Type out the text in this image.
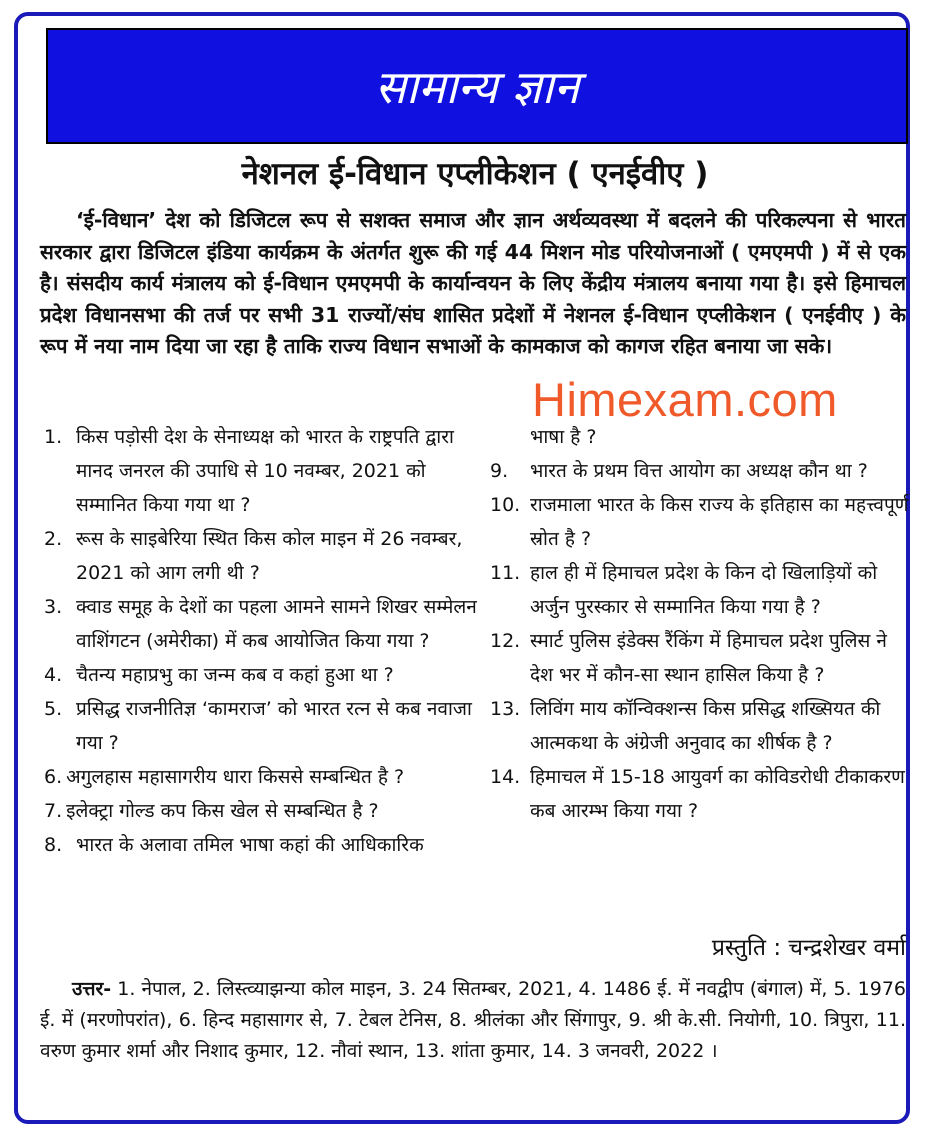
सामान्य ज्ञान
नेशनल ई-विधान एप्लीकेशन ( एनईवीए )

‘ई-विधान’ देश को डिजिटल रूप से सशक्त समाज और ज्ञान अर्थव्यवस्था में बदलने की परिकल्पना से भारत सरकार द्वारा डिजिटल इंडिया कार्यक्रम के अंतर्गत शुरू की गई 44 मिशन मोड परियोजनाओं ( एमएमपी ) में से एक है। संसदीय कार्य मंत्रालय को ई-विधान एमएमपी के कार्यान्वयन के लिए केंद्रीय मंत्रालय बनाया गया है। इसे हिमाचल प्रदेश विधानसभा की तर्ज पर सभी 31 राज्यों/संघ शासित प्रदेशों में नेशनल ई-विधान एप्लीकेशन ( एनईवीए ) के रूप में नया नाम दिया जा रहा है ताकि राज्य विधान सभाओं के कामकाज को कागज रहित बनाया जा सके।

Himexam.com
1. किस पड़ोसी देश के सेनाध्यक्ष को भारत के राष्ट्रपति द्वारा मानद जनरल की उपाधि से 10 नवम्बर, 2021 को सम्मानित किया गया था ?
2. रूस के साइबेरिया स्थित किस कोल माइन में 26 नवम्बर, 2021 को आग लगी थी ?
3. क्वाड समूह के देशों का पहला आमने सामने शिखर सम्मेलन वाशिंगटन (अमेरीका) में कब आयोजित किया गया ?
4. चैतन्य महाप्रभु का जन्म कब व कहां हुआ था ?
5. प्रसिद्ध राजनीतिज्ञ ‘कामराज’ को भारत रत्न से कब नवाजा गया ?
6. अगुलहास महासागरीय धारा किससे सम्बन्धित है ?
7. इलेक्ट्रा गोल्ड कप किस खेल से सम्बन्धित है ?
8. भारत के अलावा तमिल भाषा कहां की आधिकारिक
भाषा है ?
9.	भारत के प्रथम वित्त आयोग का अध्यक्ष कौन था ?
10. राजमाला भारत के किस राज्य के इतिहास का महत्त्वपूर्ण स्रोत है ?
11. हाल ही में हिमाचल प्रदेश के किन दो खिलाड़ियों को अर्जुन पुरस्कार से सम्मानित किया गया है ?
12. स्मार्ट पुलिस इंडेक्स रैंकिंग में हिमाचल प्रदेश पुलिस ने देश भर में कौन-सा स्थान हासिल किया है ?
13. लिविंग माय कॉन्विक्शन्स किस प्रसिद्ध शख्सियत की आत्मकथा के अंग्रेजी अनुवाद का शीर्षक है ?
14. हिमाचल में 15-18 आयुवर्ग का कोविडरोधी टीकाकरण कब आरम्भ किया गया ?
प्रस्तुति : चन्द्रशेखर वर्मा

उत्तर- 1. नेपाल, 2. लिस्त्व्याझन्या कोल माइन, 3. 24 सितम्बर, 2021, 4. 1486 ई. में नवद्वीप (बंगाल) में, 5. 1976 ई. में (मरणोपरांत), 6. हिन्द महासागर से, 7. टेबल टेनिस, 8. श्रीलंका और सिंगापुर, 9. श्री के.सी. नियोगी, 10. त्रिपुरा, 11. वरुण कुमार शर्मा और निशाद कुमार, 12. नौवां स्थान, 13. शांता कुमार, 14. 3 जनवरी, 2022 ।
